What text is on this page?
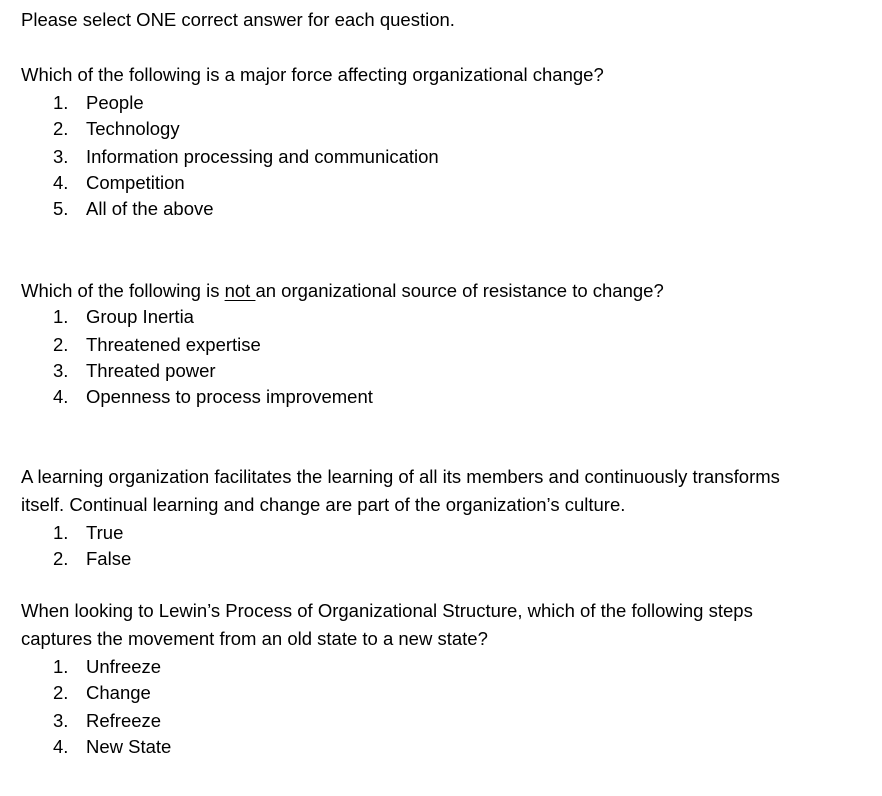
Please select ONE correct answer for each question.
Which of the following is a major force affecting organizational change?
1. People
2. Technology
3. Information processing and communication
4. Competition
5. All of the above
Which of the following is not an organizational source of resistance to change?
1. Group Inertia
2. Threatened expertise
3. Threated power
4. Openness to process improvement
A learning organization facilitates the learning of all its members and continuously transforms
itself. Continual learning and change are part of the organization’s culture.
1. True
2. False
When looking to Lewin’s Process of Organizational Structure, which of the following steps
captures the movement from an old state to a new state?
1. Unfreeze
2. Change
3. Refreeze
4. New State
